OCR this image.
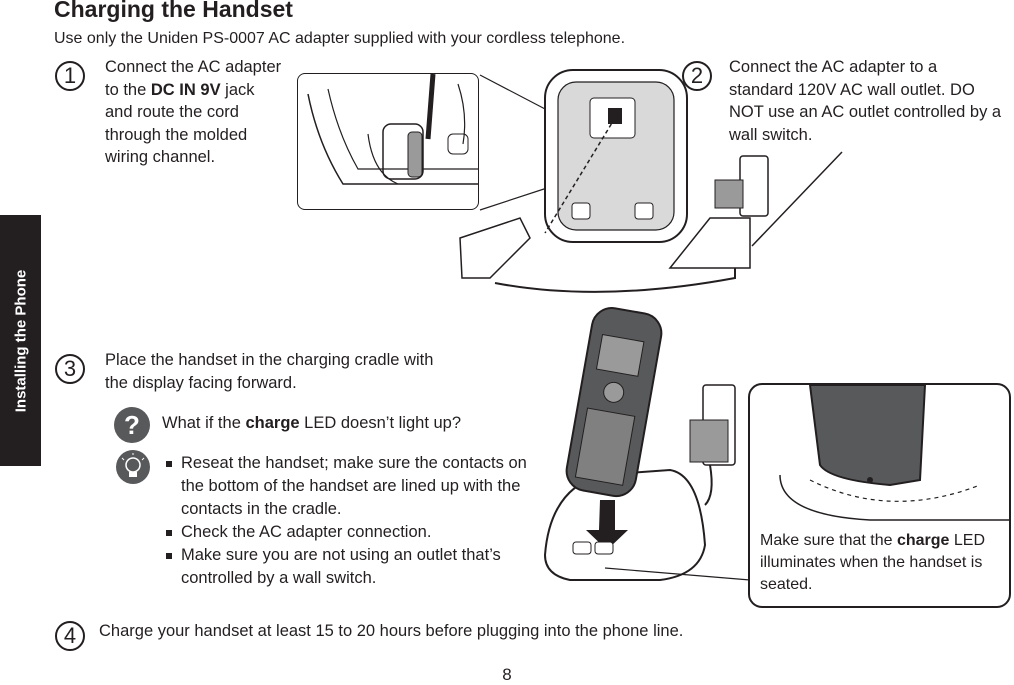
Installing the Phone
Charging the Handset
Use only the Uniden PS-0007 AC adapter supplied with your cordless telephone.
1	Connect the AC adapter to the DC IN 9V jack and route the cord through the molded wiring channel.
2	Connect the AC adapter to a standard 120V AC wall outlet. DO NOT use an AC outlet controlled by a wall switch.
3	Place the handset in the charging cradle with the display facing forward.
?	What if the charge LED doesn’t light up?
Reseat the handset; make sure the contacts on the bottom of the handset are lined up with the contacts in the cradle.
Check the AC adapter connection.
Make sure you are not using an outlet that’s controlled by a wall switch.
Make sure that the charge LED illuminates when the handset is seated.
4	Charge your handset at least 15 to 20 hours before plugging into the phone line.
8
